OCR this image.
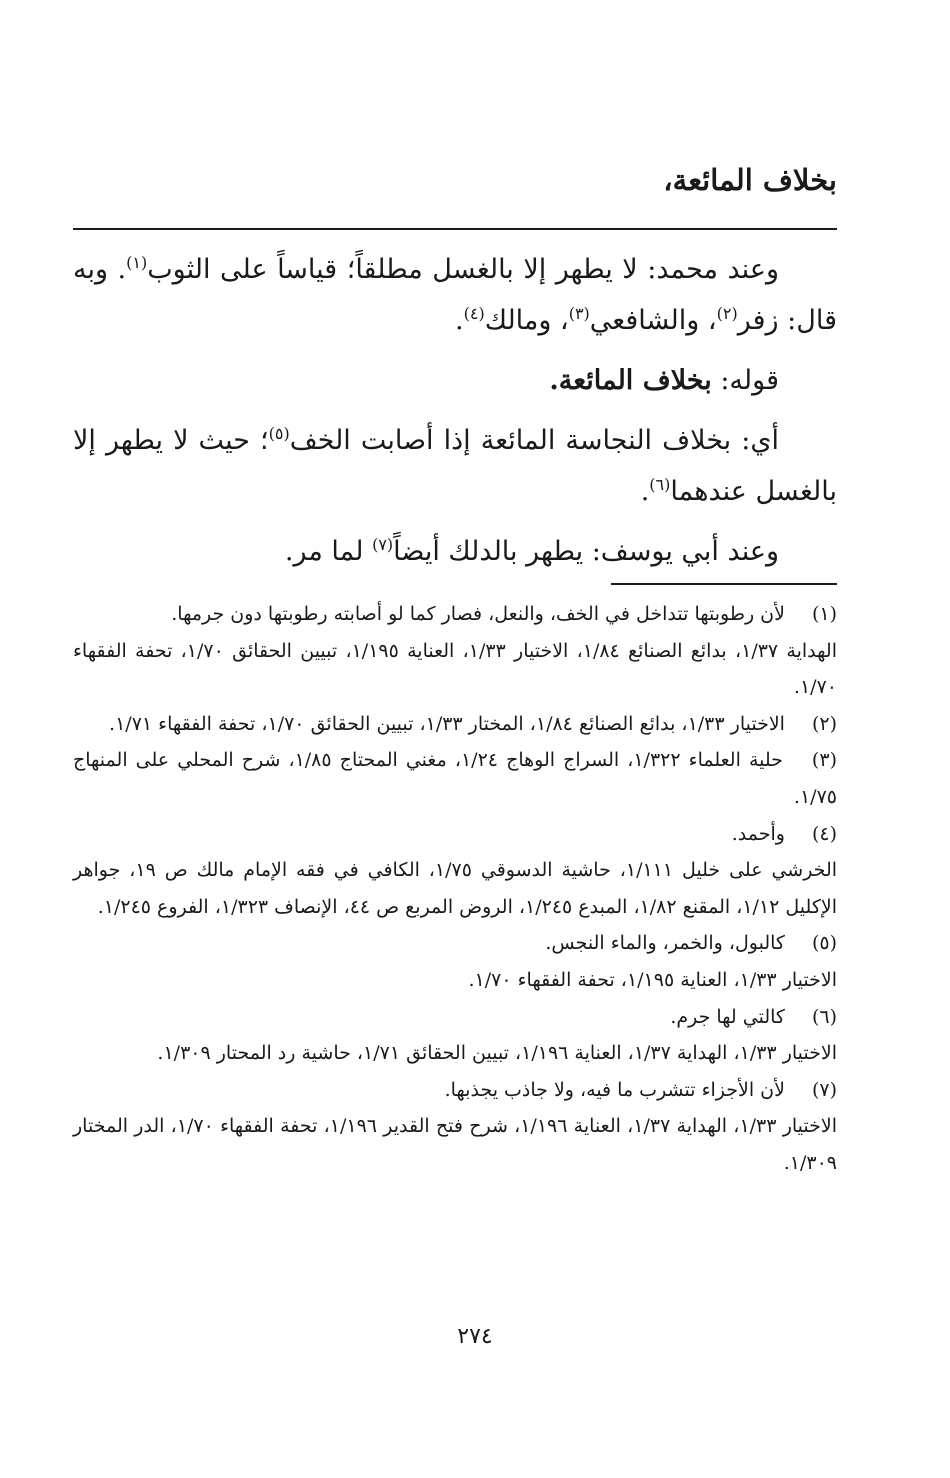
بخلاف المائعة،

وعند محمد: لا يطهر إلا بالغسل مطلقاً؛ قياساً على الثوب$^{(١)}$. وبه قال: زفر$^{(٢)}$، والشافعي$^{(٣)}$، ومالك$^{(٤)}$.

قوله: بخلاف المائعة.

أي: بخلاف النجاسة المائعة إذا أصابت الخف$^{(٥)}$؛ حيث لا يطهر إلا بالغسل عندهما$^{(٦)}$.

وعند أبي يوسف: يطهر بالدلك أيضاً$^{(٧)}$ لما مر.

(١) لأن رطوبتها تتداخل في الخف، والنعل، فصار كما لو أصابته رطوبتها دون جرمها.
الهداية ١/٣٧، بدائع الصنائع ١/٨٤، الاختيار ١/٣٣، العناية ١/١٩٥، تبيين الحقائق ١/٧٠، تحفة الفقهاء ١/٧٠.
(٢) الاختيار ١/٣٣، بدائع الصنائع ١/٨٤، المختار ١/٣٣، تبيين الحقائق ١/٧٠، تحفة الفقهاء ١/٧١.
(٣) حلية العلماء ١/٣٢٢، السراج الوهاج ١/٢٤، مغني المحتاج ١/٨٥، شرح المحلي على المنهاج ١/٧٥.
(٤) وأحمد.
الخرشي على خليل ١/١١١، حاشية الدسوقي ١/٧٥، الكافي في فقه الإمام مالك ص ١٩، جواهر الإكليل ١/١٢، المقنع ١/٨٢، المبدع ١/٢٤٥، الروض المربع ص ٤٤، الإنصاف ١/٣٢٣، الفروع ١/٢٤٥.
(٥) كالبول، والخمر، والماء النجس.
الاختيار ١/٣٣، العناية ١/١٩٥، تحفة الفقهاء ١/٧٠.
(٦) كالتي لها جرم.
الاختيار ١/٣٣، الهداية ١/٣٧، العناية ١/١٩٦، تبيين الحقائق ١/٧١، حاشية رد المحتار ١/٣٠٩.
(٧) لأن الأجزاء تتشرب ما فيه، ولا جاذب يجذبها.
الاختيار ١/٣٣، الهداية ١/٣٧، العناية ١/١٩٦، شرح فتح القدير ١/١٩٦، تحفة الفقهاء ١/٧٠، الدر المختار ١/٣٠٩.
٢٧٤
